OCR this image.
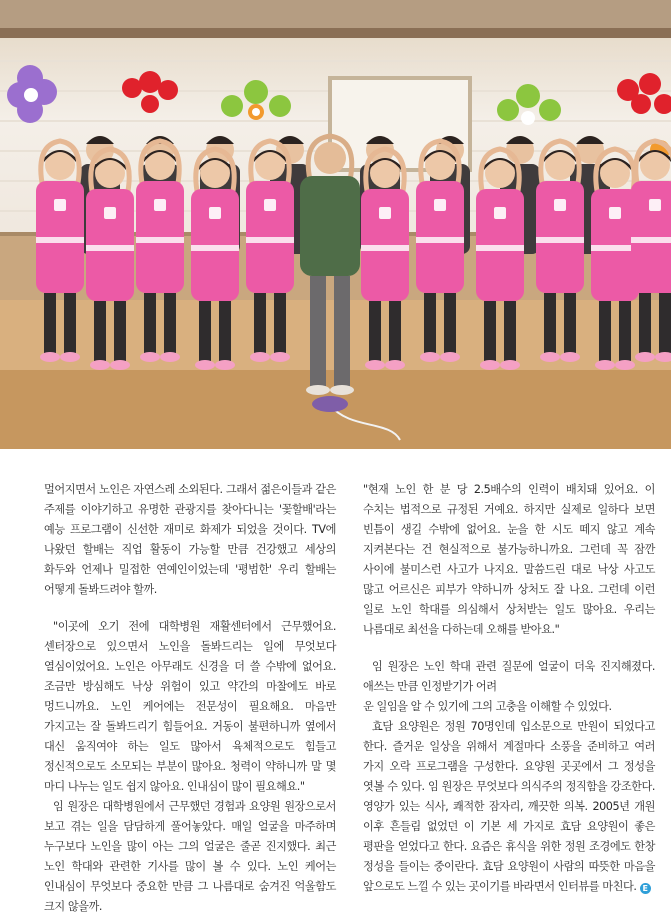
멀어지면서 노인은 자연스레 소외된다. 그래서 젊은이들과 같은 주제를 이야기하고 유명한 관광지를 찾아다니는 '꽃할배'라는 예능 프로그램이 신선한 재미로 화제가 되었을 것이다. TV에 나왔던 할배는 직업 활동이 가능할 만큼 건강했고 세상의 화두와 언제나 밀접한 연예인이었는데 '평범한' 우리 할배는 어떻게 돌봐드려야 할까.

"이곳에 오기 전에 대학병원 재활센터에서 근무했어요. 센터장으로 있으면서 노인을 돌봐드리는 일에 무엇보다 열심이었어요. 노인은 아무래도 신경을 더 쓸 수밖에 없어요. 조금만 방심해도 낙상 위험이 있고 약간의 마찰에도 바로 멍드니까요. 노인 케어에는 전문성이 필요해요. 마음만 가지고는 잘 돌봐드리기 힘들어요. 거동이 불편하니까 옆에서 대신 움직여야 하는 일도 많아서 육체적으로도 힘들고 정신적으로도 소모되는 부분이 많아요. 청력이 약하니까 말 몇 마디 나누는 일도 쉽지 않아요. 인내심이 많이 필요해요."

임 원장은 대학병원에서 근무했던 경험과 요양원 원장으로서 보고 겪는 일을 담담하게 풀어놓았다. 매일 얼굴을 마주하며 누구보다 노인을 많이 아는 그의 얼굴은 줄곧 진지했다. 최근 노인 학대와 관련한 기사를 많이 볼 수 있다. 노인 케어는 인내심이 무엇보다 중요한 만큼 그 나름대로 숨겨진 억울함도 크지 않을까.

"현재 노인 한 분 당 2.5배수의 인력이 배치돼 있어요. 이 수치는 법적으로 규정된 거예요. 하지만 실제로 일하다 보면 빈틈이 생길 수밖에 없어요. 눈을 한 시도 떼지 않고 계속 지켜본다는 건 현실적으로 불가능하니까요. 그런데 꼭 잠깐 사이에 불미스런 사고가 나지요. 말씀드린 대로 낙상 사고도 많고 어르신은 피부가 약하니까 상처도 잘 나요. 그런데 이런 일로 노인 학대를 의심해서 상처받는 일도 많아요. 우리는 나름대로 최선을 다하는데 오해를 받아요."

임 원장은 노인 학대 관련 질문에 얼굴이 더욱 진지해졌다. 애쓰는 만큼 인정받기가 어려

운 일임을 알 수 있기에 그의 고충을 이해할 수 있었다.

효담 요양원은 정원 70명인데 입소문으로 만원이 되었다고 한다. 즐거운 일상을 위해서 계절마다 소풍을 준비하고 여러 가지 오락 프로그램을 구성한다. 요양원 곳곳에서 그 정성을 엿볼 수 있다. 임 원장은 무엇보다 의식주의 정직함을 강조한다. 영양가 있는 식사, 쾌적한 잠자리, 깨끗한 의복. 2005년 개원 이후 흔들림 없었던 이 기본 세 가지로 효담 요양원이 좋은 평판을 얻었다고 한다. 요즘은 휴식을 위한 정원 조경에도 한창 정성을 들이는 중이란다. 효담 요양원이 사람의 따뜻한 마음을 앞으로도 느낄 수 있는 곳이기를 바라면서 인터뷰를 마친다. E
